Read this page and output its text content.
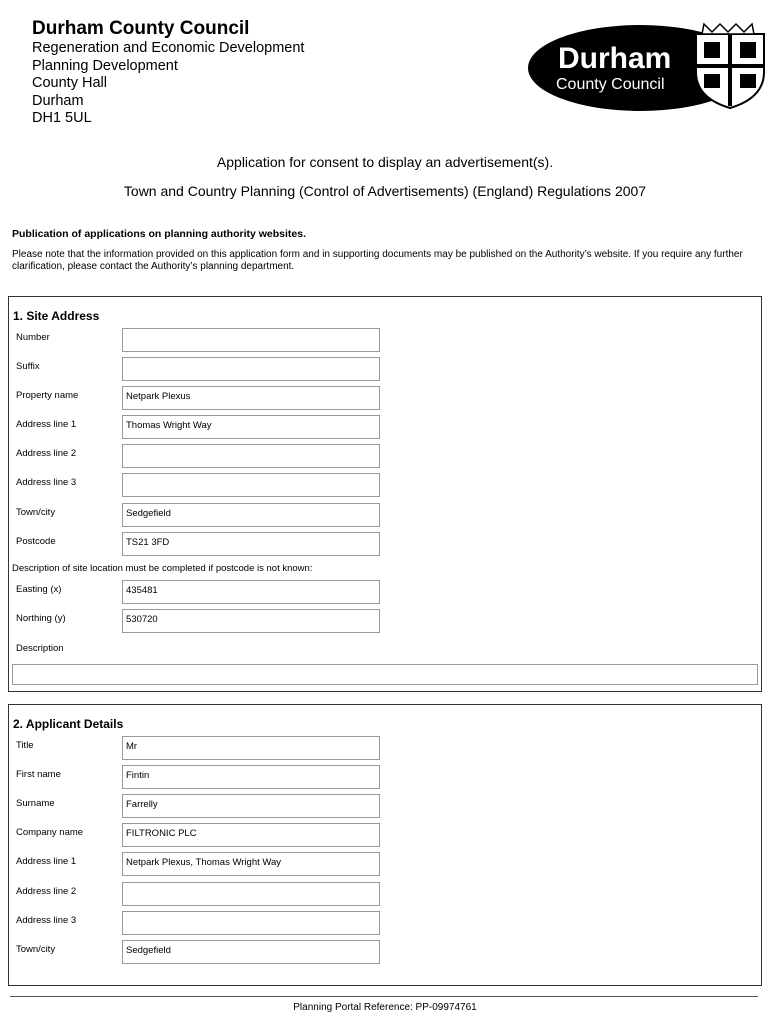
Durham County Council
Regeneration and Economic Development
Planning Development
County Hall
Durham
DH1 5UL
Durham
County Council
Application for consent to display an advertisement(s).
Town and Country Planning (Control of Advertisements) (England) Regulations 2007
Publication of applications on planning authority websites.
Please note that the information provided on this application form and in supporting documents may be published on the Authority’s website. If you require any further clarification, please contact the Authority’s planning department.
1. Site Address
Number
Suffix
Property name	Netpark Plexus
Address line 1	Thomas Wright Way
Address line 2
Address line 3
Town/city	Sedgefield
Postcode	TS21 3FD
Description of site location must be completed if postcode is not known:
Easting (x)	435481
Northing (y)	530720
Description
2. Applicant Details
Title	Mr
First name	Fintin
Surname	Farrelly
Company name	FILTRONIC PLC
Address line 1	Netpark Plexus, Thomas Wright Way
Address line 2
Address line 3
Town/city	Sedgefield
Planning Portal Reference: PP-09974761
